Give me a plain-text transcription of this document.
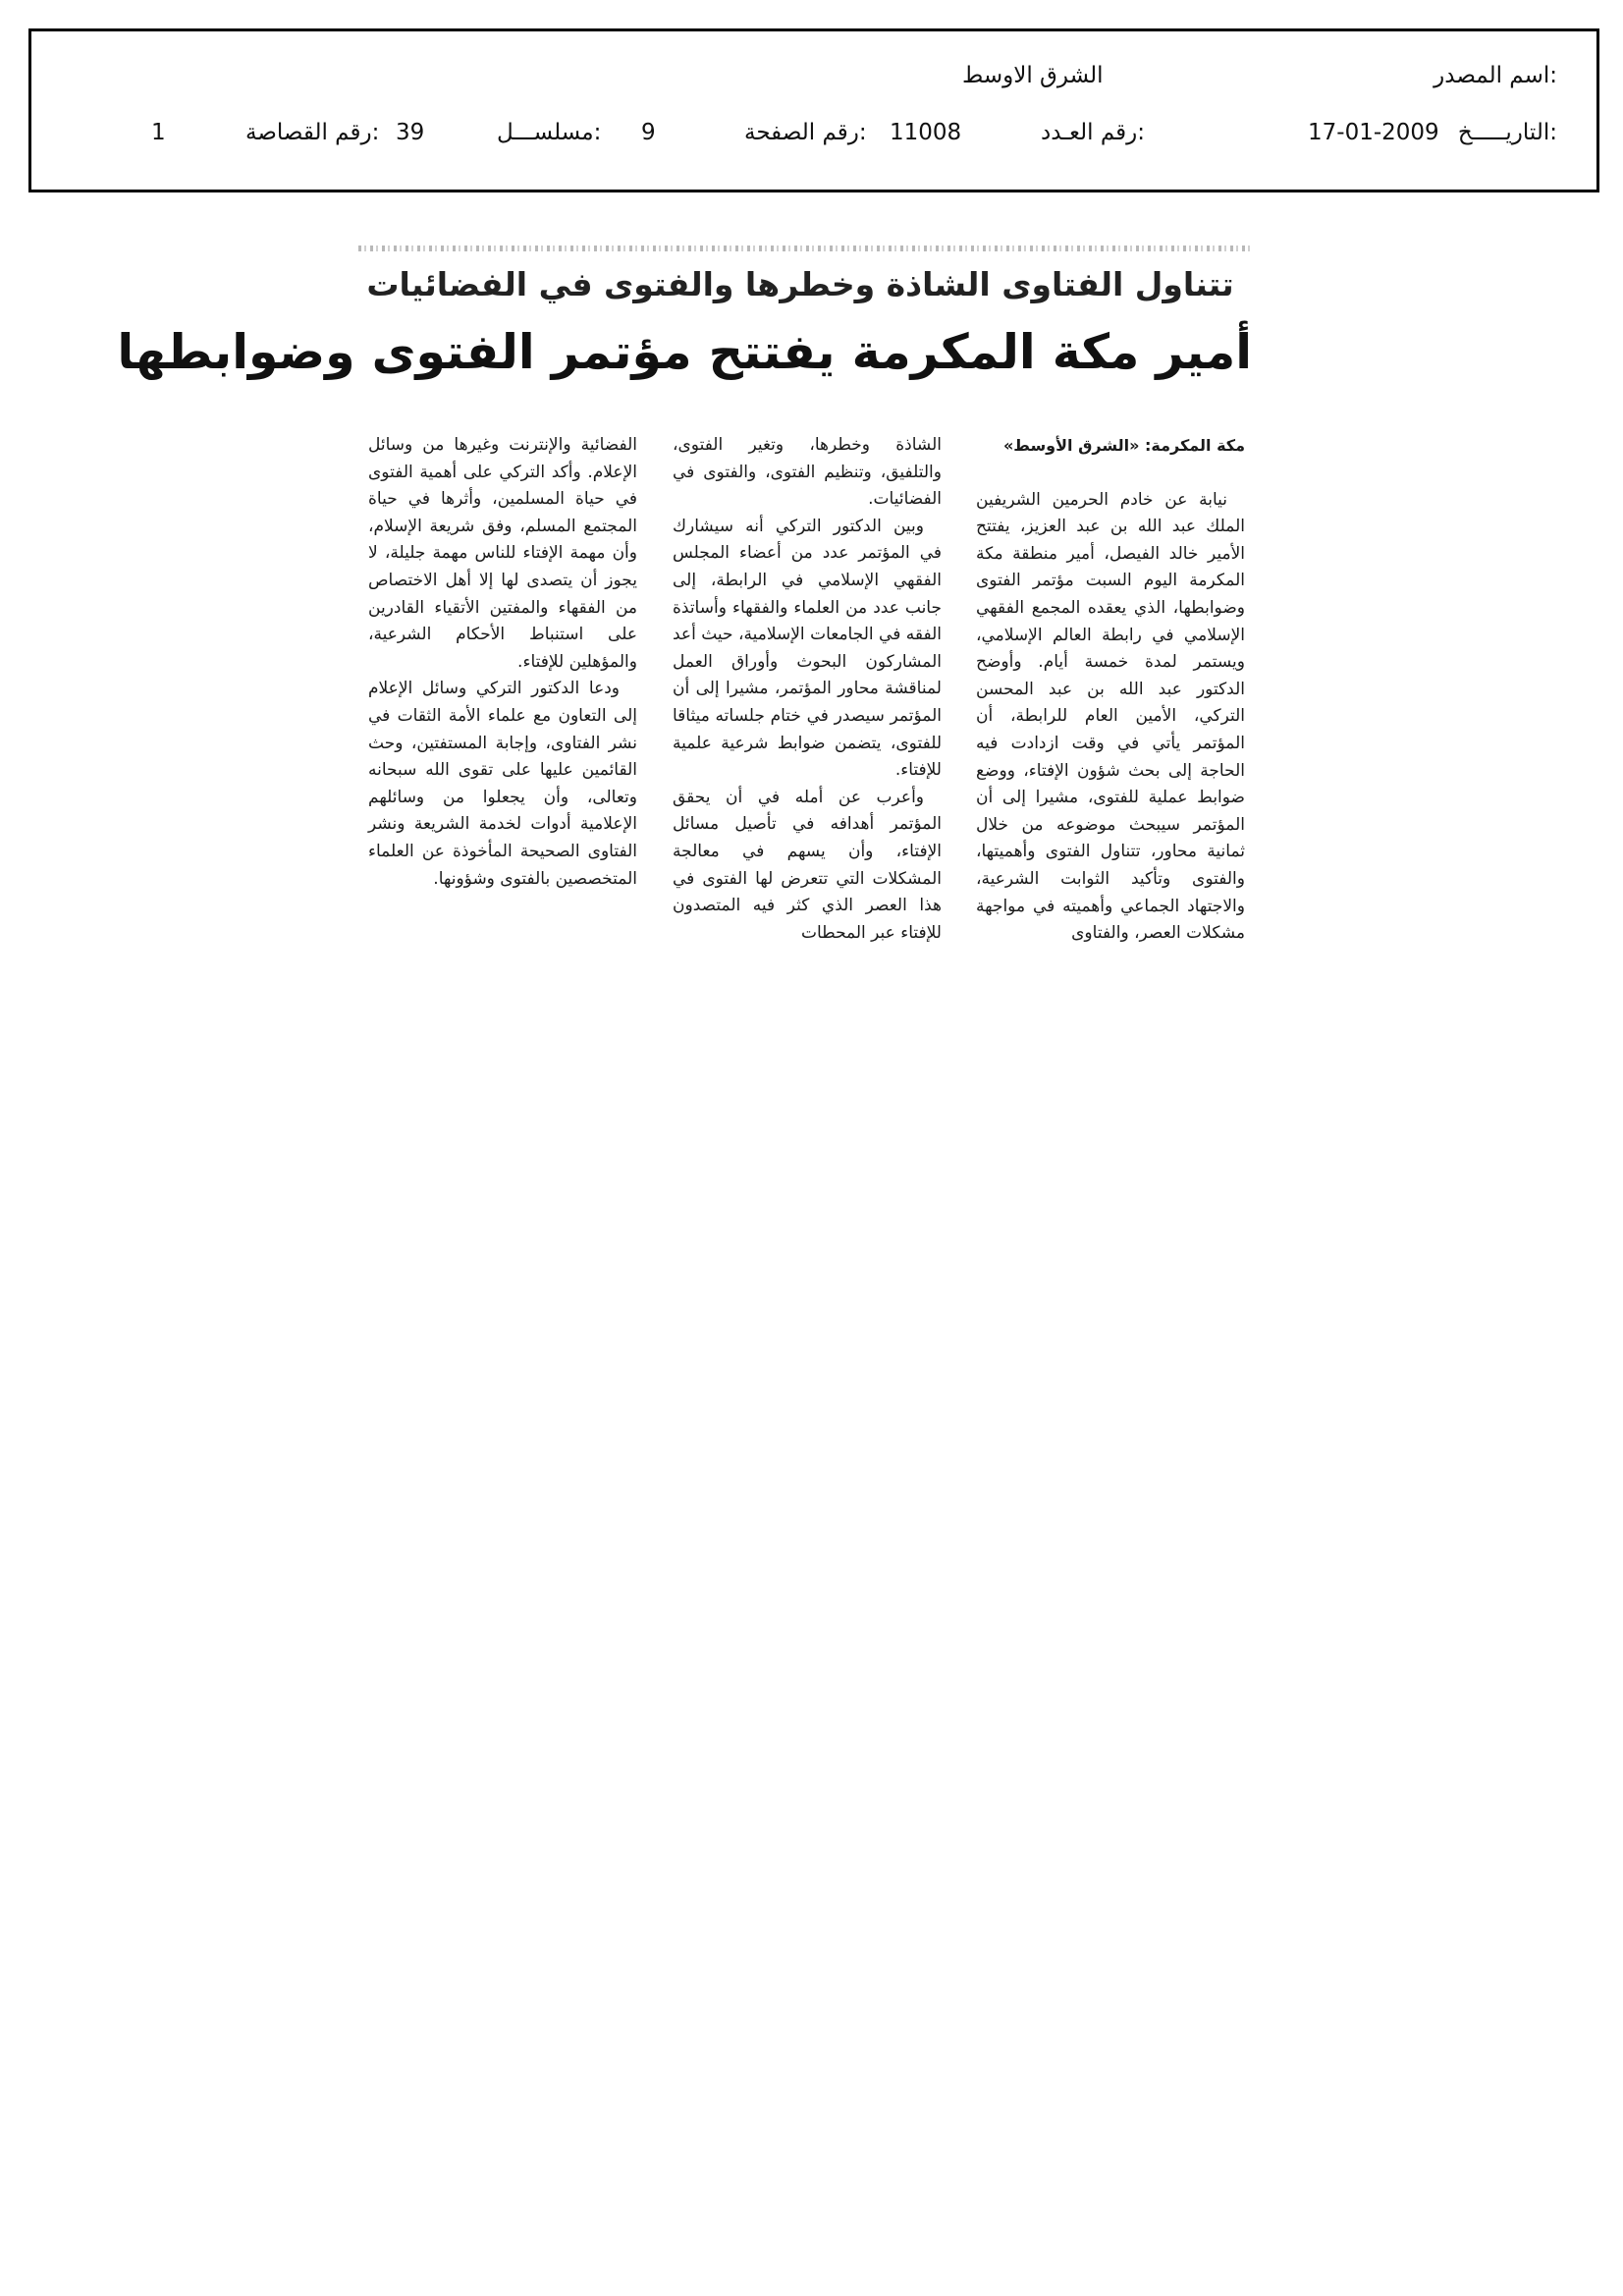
اسم المصدر:
الشرق الاوسط
التاريـــــخ:
17-01-2009
رقم العـدد:
11008
رقم الصفحة:
9
مسلســـل:
39
رقم القصاصة:
1
تتناول الفتاوى الشاذة وخطرها والفتوى في الفضائيات
أمير مكة المكرمة يفتتح مؤتمر الفتوى وضوابطها

مكة المكرمة: «الشرق الأوسط»

نيابة عن خادم الحرمين الشريفين الملك عبد الله بن عبد العزيز، يفتتح الأمير خالد الفيصل، أمير منطقة مكة المكرمة اليوم السبت مؤتمر الفتوى وضوابطها، الذي يعقده المجمع الفقهي الإسلامي في رابطة العالم الإسلامي، ويستمر لمدة خمسة أيام. وأوضح الدكتور عبد الله بن عبد المحسن التركي، الأمين العام للرابطة، أن المؤتمر يأتي في وقت ازدادت فيه الحاجة إلى بحث شؤون الإفتاء، ووضع ضوابط عملية للفتوى، مشيرا إلى أن المؤتمر سيبحث موضوعه من خلال ثمانية محاور، تتناول الفتوى وأهميتها، والفتوى وتأكيد الثوابت الشرعية، والاجتهاد الجماعي وأهميته في مواجهة مشكلات العصر، والفتاوى

الشاذة وخطرها، وتغير الفتوى، والتلفيق، وتنظيم الفتوى، والفتوى في الفضائيات.

وبين الدكتور التركي أنه سيشارك في المؤتمر عدد من أعضاء المجلس الفقهي الإسلامي في الرابطة، إلى جانب عدد من العلماء والفقهاء وأساتذة الفقه في الجامعات الإسلامية، حيث أعد المشاركون البحوث وأوراق العمل لمناقشة محاور المؤتمر، مشيرا إلى أن المؤتمر سيصدر في ختام جلساته ميثاقا للفتوى، يتضمن ضوابط شرعية علمية للإفتاء.

وأعرب عن أمله في أن يحقق المؤتمر أهدافه في تأصيل مسائل الإفتاء، وأن يسهم في معالجة المشكلات التي تتعرض لها الفتوى في هذا العصر الذي كثر فيه المتصدون للإفتاء عبر المحطات

الفضائية والإنترنت وغيرها من وسائل الإعلام. وأكد التركي على أهمية الفتوى في حياة المسلمين، وأثرها في حياة المجتمع المسلم، وفق شريعة الإسلام، وأن مهمة الإفتاء للناس مهمة جليلة، لا يجوز أن يتصدى لها إلا أهل الاختصاص من الفقهاء والمفتين الأتقياء القادرين على استنباط الأحكام الشرعية، والمؤهلين للإفتاء.

ودعا الدكتور التركي وسائل الإعلام إلى التعاون مع علماء الأمة الثقات في نشر الفتاوى، وإجابة المستفتين، وحث القائمين عليها على تقوى الله سبحانه وتعالى، وأن يجعلوا من وسائلهم الإعلامية أدوات لخدمة الشريعة ونشر الفتاوى الصحيحة المأخوذة عن العلماء المتخصصين بالفتوى وشؤونها.
